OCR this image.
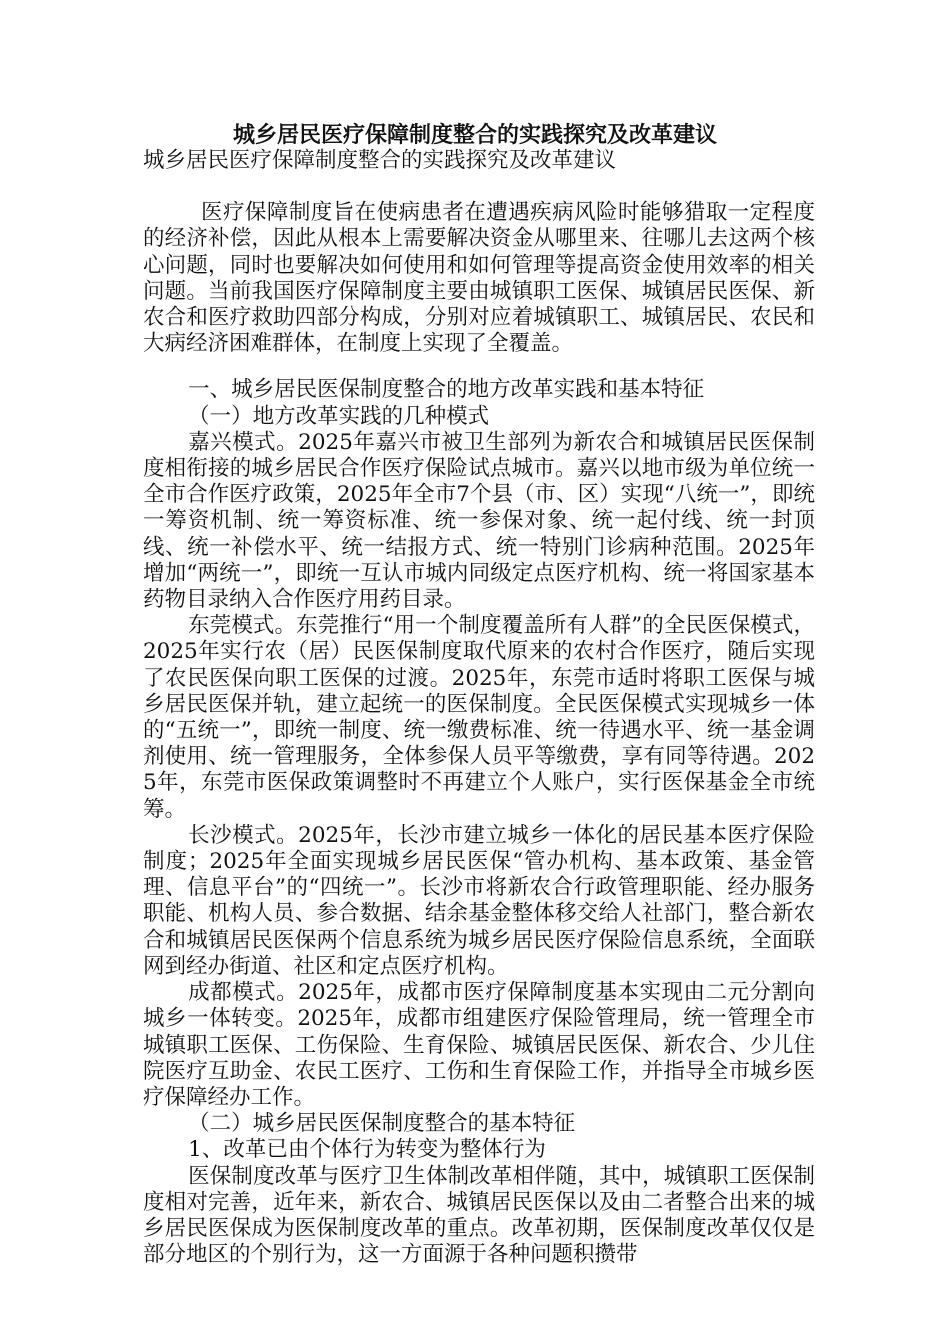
城乡居民医疗保障制度整合的实践探究及改革建议

城乡居民医疗保障制度整合的实践探究及改革建议

医疗保障制度旨在使病患者在遭遇疾病风险时能够猎取一定程度的经济补偿，因此从根本上需要解决资金从哪里来、往哪儿去这两个核心问题，同时也要解决如何使用和如何管理等提高资金使用效率的相关问题。当前我国医疗保障制度主要由城镇职工医保、城镇居民医保、新农合和医疗救助四部分构成，分别对应着城镇职工、城镇居民、农民和大病经济困难群体，在制度上实现了全覆盖。

一、城乡居民医保制度整合的地方改革实践和基本特征

（一）地方改革实践的几种模式

嘉兴模式。2025年嘉兴市被卫生部列为新农合和城镇居民医保制度相衔接的城乡居民合作医疗保险试点城市。嘉兴以地市级为单位统一全市合作医疗政策，2025年全市7个县（市、区）实现“八统一”，即统一筹资机制、统一筹资标准、统一参保对象、统一起付线、统一封顶线、统一补偿水平、统一结报方式、统一特别门诊病种范围。2025年增加“两统一”，即统一互认市城内同级定点医疗机构、统一将国家基本药物目录纳入合作医疗用药目录。

东莞模式。东莞推行“用一个制度覆盖所有人群”的全民医保模式，2025年实行农（居）民医保制度取代原来的农村合作医疗，随后实现了农民医保向职工医保的过渡。2025年，东莞市适时将职工医保与城乡居民医保并轨，建立起统一的医保制度。全民医保模式实现城乡一体的“五统一”，即统一制度、统一缴费标准、统一待遇水平、统一基金调剂使用、统一管理服务，全体参保人员平等缴费，享有同等待遇。2025年，东莞市医保政策调整时不再建立个人账户，实行医保基金全市统筹。

长沙模式。2025年，长沙市建立城乡一体化的居民基本医疗保险制度；2025年全面实现城乡居民医保“管办机构、基本政策、基金管理、信息平台”的“四统一”。长沙市将新农合行政管理职能、经办服务职能、机构人员、参合数据、结余基金整体移交给人社部门，整合新农合和城镇居民医保两个信息系统为城乡居民医疗保险信息系统，全面联网到经办街道、社区和定点医疗机构。

成都模式。2025年，成都市医疗保障制度基本实现由二元分割向城乡一体转变。2025年，成都市组建医疗保险管理局，统一管理全市城镇职工医保、工伤保险、生育保险、城镇居民医保、新农合、少儿住院医疗互助金、农民工医疗、工伤和生育保险工作，并指导全市城乡医疗保障经办工作。

（二）城乡居民医保制度整合的基本特征

1、改革已由个体行为转变为整体行为

医保制度改革与医疗卫生体制改革相伴随，其中，城镇职工医保制度相对完善，近年来，新农合、城镇居民医保以及由二者整合出来的城乡居民医保成为医保制度改革的重点。改革初期，医保制度改革仅仅是部分地区的个别行为，这一方面源于各种问题积攒带
